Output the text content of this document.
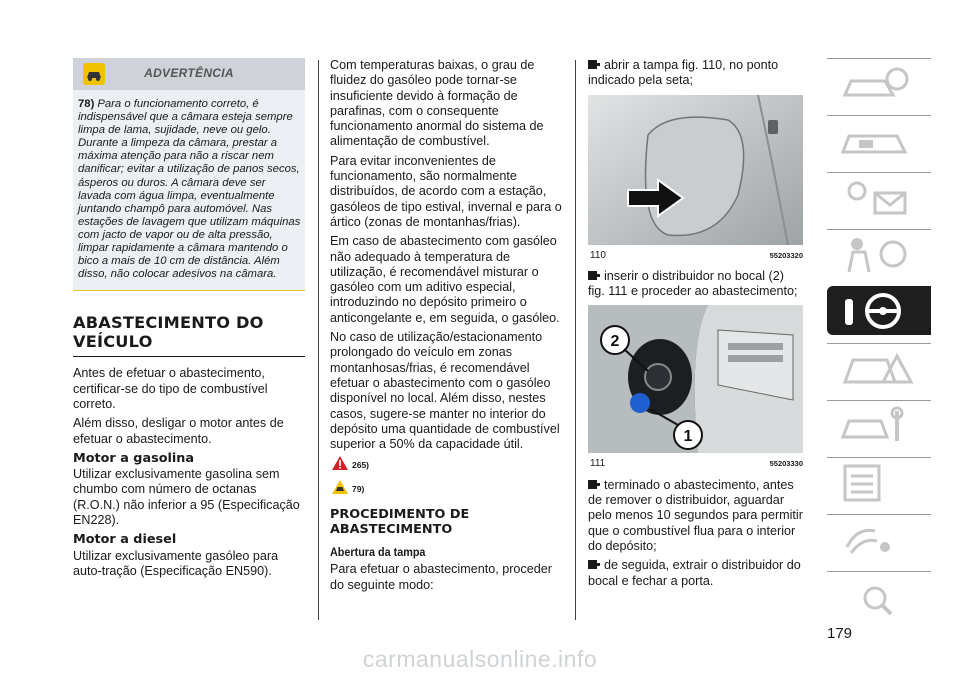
ADVERTÊNCIA
78) Para o funcionamento correto, é indispensável que a câmara esteja sempre limpa de lama, sujidade, neve ou gelo. Durante a limpeza da câmara, prestar a máxima atenção para não a riscar nem danificar; evitar a utilização de panos secos, ásperos ou duros. A câmara deve ser lavada com água limpa, eventualmente juntando champô para automóvel. Nas estações de lavagem que utilizam máquinas com jacto de vapor ou de alta pressão, limpar rapidamente a câmara mantendo o bico a mais de 10 cm de distância. Além disso, não colocar adesivos na câmara.
ABASTECIMENTO DO VEÍCULO

Antes de efetuar o abastecimento, certificar-se do tipo de combustível correto.

Além disso, desligar o motor antes de efetuar o abastecimento.

Motor a gasolina

Utilizar exclusivamente gasolina sem chumbo com número de octanas (R.O.N.) não inferior a 95 (Especificação EN228).

Motor a diesel

Utilizar exclusivamente gasóleo para auto-tração (Especificação EN590).

Com temperaturas baixas, o grau de fluidez do gasóleo pode tornar-se insuficiente devido à formação de parafinas, com o consequente funcionamento anormal do sistema de alimentação de combustível.

Para evitar inconvenientes de funcionamento, são normalmente distribuídos, de acordo com a estação, gasóleos de tipo estival, invernal e para o ártico (zonas de montanhas/frias).

Em caso de abastecimento com gasóleo não adequado à temperatura de utilização, é recomendável misturar o gasóleo com um aditivo especial, introduzindo no depósito primeiro o anticongelante e, em seguida, o gasóleo.

No caso de utilização/estacionamento prolongado do veículo em zonas montanhosas/frias, é recomendável efetuar o abastecimento com o gasóleo disponível no local. Além disso, nestes casos, sugere-se manter no interior do depósito uma quantidade de combustível superior a 50% da capacidade útil.

265)
79)
PROCEDIMENTO DE ABASTECIMENTO
Abertura da tampa

Para efetuar o abastecimento, proceder do seguinte modo:

abrir a tampa fig. 110, no ponto indicado pela seta;

110	55203320

inserir o distribuidor no bocal (2) fig. 111 e proceder ao abastecimento;

2
1
111	55203330

terminado o abastecimento, antes de remover o distribuidor, aguardar pelo menos 10 segundos para permitir que o combustível flua para o interior do depósito;

de seguida, extrair o distribuidor do bocal e fechar a porta.

179
carmanualsonline.info
